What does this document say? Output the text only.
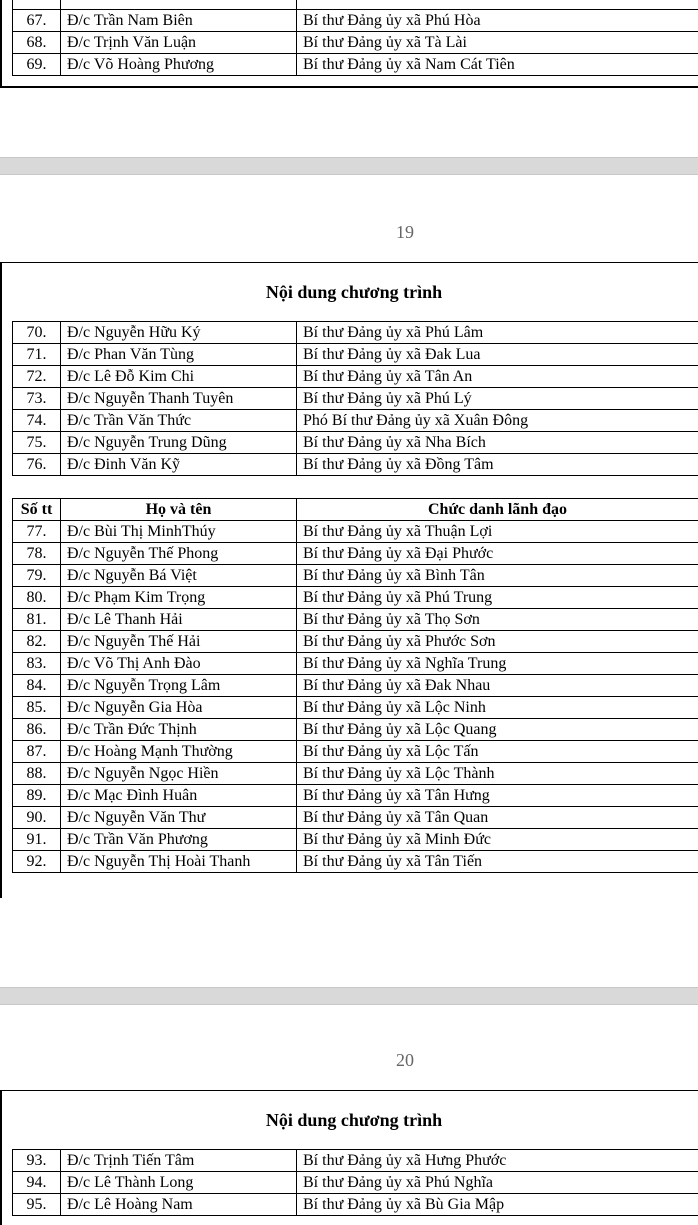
67.	Đ/c Trần Nam Biên	Bí thư Đảng ủy xã Phú Hòa
68.	Đ/c Trịnh Văn Luận	Bí thư Đảng ủy xã Tà Lài
69.	Đ/c Võ Hoàng Phương	Bí thư Đảng ủy xã Nam Cát Tiên
19
Nội dung chương trình
70.	Đ/c Nguyễn Hữu Ký	Bí thư Đảng ủy xã Phú Lâm
71.	Đ/c Phan Văn Tùng	Bí thư Đảng ủy xã Đak Lua
72.	Đ/c Lê Đỗ Kim Chi	Bí thư Đảng ủy xã Tân An
73.	Đ/c Nguyễn Thanh Tuyên	Bí thư Đảng ủy xã Phú Lý
74.	Đ/c Trần Văn Thức	Phó Bí thư Đảng ủy xã Xuân Đông
75.	Đ/c Nguyễn Trung Dũng	Bí thư Đảng ủy xã Nha Bích
76.	Đ/c Đinh Văn Kỹ	Bí thư Đảng ủy xã Đồng Tâm
Số tt	Họ và tên	Chức danh lãnh đạo
77.	Đ/c Bùi Thị MinhThúy	Bí thư Đảng ủy xã Thuận Lợi
78.	Đ/c Nguyễn Thế Phong	Bí thư Đảng ủy xã Đại Phước
79.	Đ/c Nguyễn Bá Việt	Bí thư Đảng ủy xã Bình Tân
80.	Đ/c Phạm Kim Trọng	Bí thư Đảng ủy xã Phú Trung
81.	Đ/c Lê Thanh Hải	Bí thư Đảng ủy xã Thọ Sơn
82.	Đ/c Nguyễn Thế Hải	Bí thư Đảng ủy xã Phước Sơn
83.	Đ/c Võ Thị Anh Đào	Bí thư Đảng ủy xã Nghĩa Trung
84.	Đ/c Nguyễn Trọng Lâm	Bí thư Đảng ủy xã Đak Nhau
85.	Đ/c Nguyễn Gia Hòa	Bí thư Đảng ủy xã Lộc Ninh
86.	Đ/c Trần Đức Thịnh	Bí thư Đảng ủy xã Lộc Quang
87.	Đ/c Hoàng Mạnh Thường	Bí thư Đảng ủy xã Lộc Tấn
88.	Đ/c Nguyễn Ngọc Hiền	Bí thư Đảng ủy xã Lộc Thành
89.	Đ/c Mạc Đình Huân	Bí thư Đảng ủy xã Tân Hưng
90.	Đ/c Nguyễn Văn Thư	Bí thư Đảng ủy xã Tân Quan
91.	Đ/c Trần Văn Phương	Bí thư Đảng ủy xã Minh Đức
92.	Đ/c Nguyễn Thị Hoài Thanh	Bí thư Đảng ủy xã Tân Tiến
20
Nội dung chương trình
93.	Đ/c Trịnh Tiến Tâm	Bí thư Đảng ủy xã Hưng Phước
94.	Đ/c Lê Thành Long	Bí thư Đảng ủy xã Phú Nghĩa
95.	Đ/c Lê Hoàng Nam	Bí thư Đảng ủy xã Bù Gia Mập
